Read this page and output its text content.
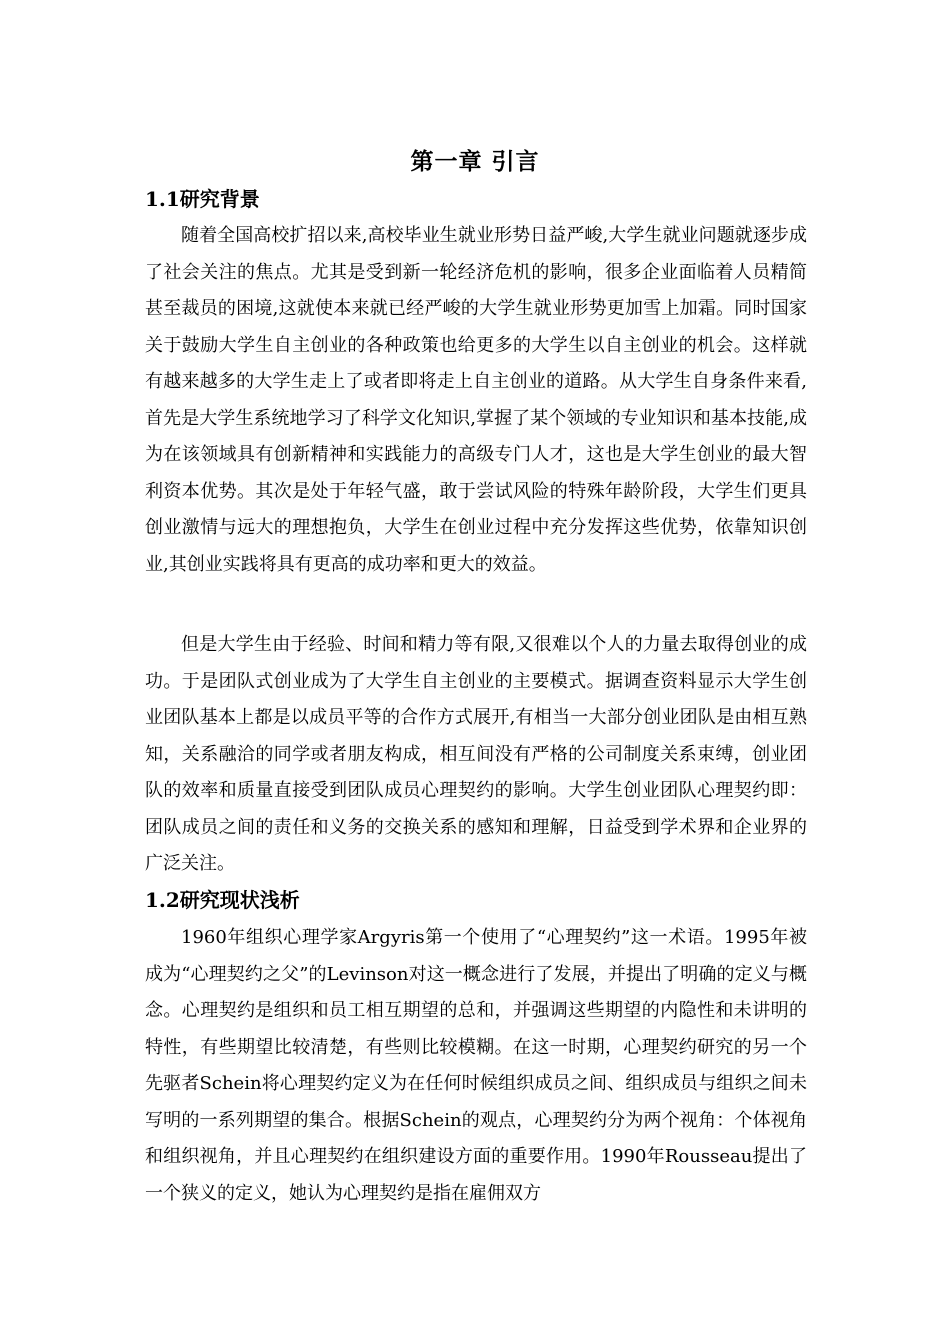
第一章 引言
1.1研究背景

随着全国高校扩招以来,高校毕业生就业形势日益严峻,大学生就业问题就逐步成了社会关注的焦点。尤其是受到新一轮经济危机的影响，很多企业面临着人员精简甚至裁员的困境,这就使本来就已经严峻的大学生就业形势更加雪上加霜。同时国家关于鼓励大学生自主创业的各种政策也给更多的大学生以自主创业的机会。这样就有越来越多的大学生走上了或者即将走上自主创业的道路。从大学生自身条件来看,首先是大学生系统地学习了科学文化知识,掌握了某个领域的专业知识和基本技能,成为在该领域具有创新精神和实践能力的高级专门人才，这也是大学生创业的最大智利资本优势。其次是处于年轻气盛，敢于尝试风险的特殊年龄阶段，大学生们更具创业激情与远大的理想抱负，大学生在创业过程中充分发挥这些优势，依靠知识创业,其创业实践将具有更高的成功率和更大的效益。

但是大学生由于经验、时间和精力等有限,又很难以个人的力量去取得创业的成功。于是团队式创业成为了大学生自主创业的主要模式。据调查资料显示大学生创业团队基本上都是以成员平等的合作方式展开,有相当一大部分创业团队是由相互熟知，关系融洽的同学或者朋友构成，相互间没有严格的公司制度关系束缚，创业团队的效率和质量直接受到团队成员心理契约的影响。大学生创业团队心理契约即：团队成员之间的责任和义务的交换关系的感知和理解，日益受到学术界和企业界的广泛关注。

1.2研究现状浅析

1960年组织心理学家Argyris第一个使用了“心理契约”这一术语。1995年被成为“心理契约之父”的Levinson对这一概念进行了发展，并提出了明确的定义与概念。心理契约是组织和员工相互期望的总和，并强调这些期望的内隐性和未讲明的特性，有些期望比较清楚，有些则比较模糊。在这一时期，心理契约研究的另一个先驱者Schein将心理契约定义为在任何时候组织成员之间、组织成员与组织之间未写明的一系列期望的集合。根据Schein的观点，心理契约分为两个视角：个体视角和组织视角，并且心理契约在组织建设方面的重要作用。1990年Rousseau提出了一个狭义的定义，她认为心理契约是指在雇佣双方
